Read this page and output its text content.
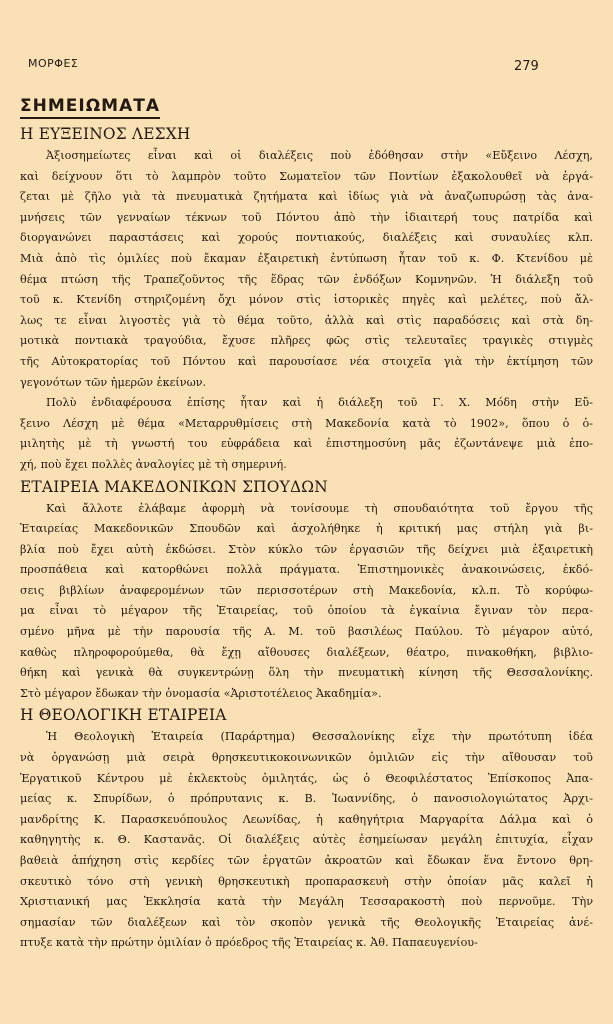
ΜΟΡΦΕΣ	279
ΣΗΜΕΙΩΜΑΤΑ
Η ΕΥΞΕΙΝΟΣ ΛΕΣΧΗ
Ἀξιοσημείωτες εἶναι καὶ οἱ διαλέξεις ποὺ ἐδόθησαν στὴν «Εὔξεινο Λέσχη,
καὶ δείχνουν ὅτι τὸ λαμπρὸν τοῦτο Σωματεῖον τῶν Ποντίων ἐξακολουθεῖ νὰ ἐργά-
ζεται μὲ ζῆλο γιὰ τὰ πνευματικὰ ζητήματα καὶ ἰδίως γιὰ νὰ ἀναζωπυρώσῃ τὰς ἀνα-
μνήσεις τῶν γενναίων τέκνων τοῦ Πόντου ἀπὸ τὴν ἰδιαιτερή τους πατρίδα καὶ
διοργανώνει παραστάσεις καὶ χορούς ποντιακούς, διαλέξεις καὶ συναυλίες κλπ.
Μιὰ ἀπὸ τὶς ὁμιλίες ποὺ ἔκαμαν ἐξαιρετικὴ ἐντύπωση ἦταν τοῦ κ. Φ. Κτενίδου μὲ
θέμα πτώση τῆς Τραπεζοῦντος τῆς ἕδρας τῶν ἐνδόξων Κομνηνῶν. Ἡ διάλεξη τοῦ
τοῦ κ. Κτενίδη στηριζομένη ὄχι μόνον στὶς ἱστορικὲς πηγὲς καὶ μελέτες, ποὺ ἄλ-
λως τε εἶναι λιγοστὲς γιὰ τὸ θέμα τοῦτο, ἀλλὰ καὶ στὶς παραδόσεις καὶ στὰ δη-
μοτικὰ ποντιακὰ τραγούδια, ἔχυσε πλῆρες φῶς στὶς τελευταῖες τραγικὲς στιγμὲς
τῆς Αὐτοκρατορίας τοῦ Πόντου καὶ παρουσίασε νέα στοιχεῖα γιὰ τὴν ἐκτίμηση τῶν
γεγονότων τῶν ἡμερῶν ἐκείνων.
Πολὺ ἐνδιαφέρουσα ἐπίσης ἦταν καὶ ἡ διάλεξη τοῦ Γ. Χ. Μόδη στὴν Εὔ-
ξεινο Λέσχη μὲ θέμα «Μεταρρυθμίσεις στὴ Μακεδονία κατὰ τὸ 1902», ὅπου ὁ ὁ-
μιλητὴς μὲ τὴ γνωστή του εὐφράδεια καὶ ἐπιστημοσύνη μᾶς ἐζωντάνεψε μιὰ ἐπο-
χή, ποὺ ἔχει πολλὲς ἀναλογίες μὲ τὴ σημερινή.
ΕΤΑΙΡΕΙΑ ΜΑΚΕΔΟΝΙΚΩΝ ΣΠΟΥΔΩΝ
Καὶ ἄλλοτε ἐλάβαμε ἀφορμὴ νὰ τονίσουμε τὴ σπουδαιότητα τοῦ ἔργου τῆς
Ἑταιρείας Μακεδονικῶν Σπουδῶν καὶ ἀσχολήθηκε ἡ κριτική μας στήλη γιὰ βι-
βλία ποὺ ἔχει αὐτὴ ἐκδώσει. Στὸν κύκλο τῶν ἐργασιῶν τῆς δείχνει μιὰ ἐξαιρετικὴ
προσπάθεια καὶ κατορθώνει πολλὰ πράγματα. Ἐπιστημονικὲς ἀνακοινώσεις, ἐκδό-
σεις βιβλίων ἀναφερομένων τῶν περισσοτέρων στὴ Μακεδονία, κλ.π. Τὸ κορύφω-
μα εἶναι τὸ μέγαρον τῆς Ἑταιρείας, τοῦ ὁποίου τὰ ἐγκαίνια ἔγιναν τὸν περα-
σμένο μῆνα μὲ τὴν παρουσία τῆς Α. Μ. τοῦ βασιλέως Παύλου. Τὸ μέγαρον αὐτό,
καθὼς πληροφορούμεθα, θὰ ἔχῃ αἴθουσες διαλέξεων, θέατρο, πινακοθήκη, βιβλιο-
θήκη καὶ γενικὰ θὰ συγκεντρώνῃ ὅλη τὴν πνευματικὴ κίνηση τῆς Θεσσαλονίκης.
Στὸ μέγαρον ἔδωκαν τὴν ὀνομασία «Ἀριστοτέλειος Ἀκαδημία».
Η ΘΕΟΛΟΓΙΚΗ ΕΤΑΙΡΕΙΑ
Ἡ Θεολογικὴ Ἑταιρεία (Παράρτημα) Θεσσαλονίκης εἶχε τὴν πρωτότυπη ἰδέα
νὰ ὀργανώσῃ μιὰ σειρὰ θρησκευτικοκοινωνικῶν ὁμιλιῶν εἰς τὴν αἴθουσαν τοῦ
Ἐργατικοῦ Κέντρου μὲ ἐκλεκτοὺς ὁμιλητάς, ὡς ὁ Θεοφιλέστατος Ἐπίσκοπος Ἀπα-
μείας κ. Σπυρίδων, ὁ πρόπρυτανις κ. Β. Ἰωαννίδης, ὁ πανοσιολογιώτατος Ἀρχι-
μανδρίτης Κ. Παρασκευόπουλος Λεωνίδας, ἡ καθηγήτρια Μαργαρίτα Δάλμα καὶ ὁ
καθηγητὴς κ. Θ. Καστανᾶς. Οἱ διαλέξεις αὐτὲς ἐσημείωσαν μεγάλη ἐπιτυχία, εἶχαν
βαθειὰ ἀπήχηση στὶς κερδίες τῶν ἐργατῶν ἀκροατῶν καὶ ἔδωκαν ἕνα ἔντονο θρη-
σκευτικὸ τόνο στὴ γενικὴ θρησκευτικὴ προπαρασκευὴ στὴν ὁποίαν μᾶς καλεῖ ἡ
Χριστιανική μας Ἐκκλησία κατὰ τὴν Μεγάλη Τεσσαρακοστὴ ποὺ περνοῦμε. Τὴν
σημασίαν τῶν διαλέξεων καὶ τὸν σκοπὸν γενικὰ τῆς Θεολογικῆς Ἑταιρείας ἀνέ-
πτυξε κατὰ τὴν πρώτην ὁμιλίαν ὁ πρόεδρος τῆς Ἑταιρείας κ. Ἀθ. Παπαευγενίου-
